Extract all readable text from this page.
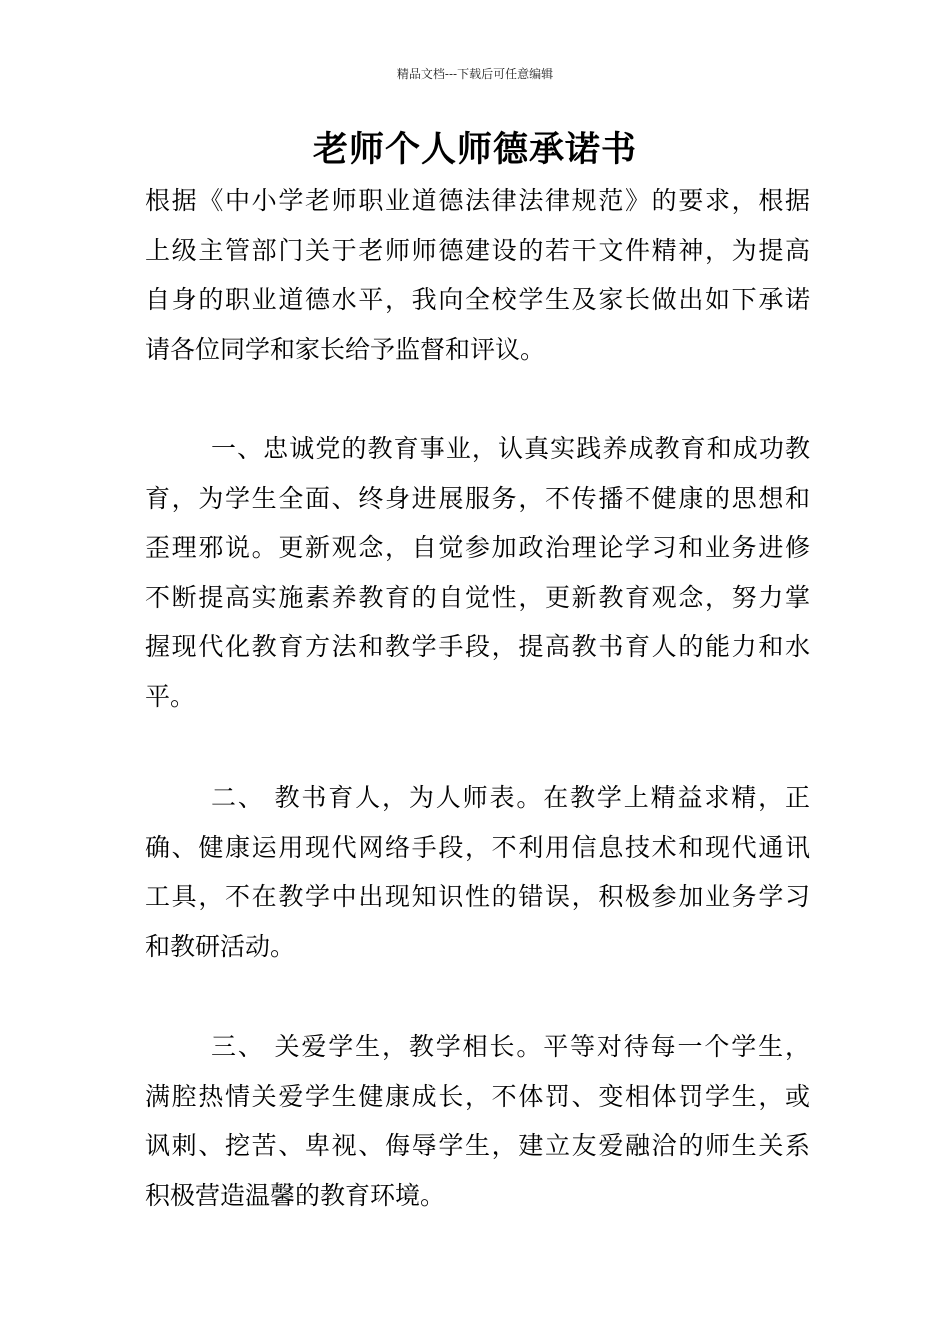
精品文档---下载后可任意编辑
老师个人师德承诺书
根据《中小学老师职业道德法律法律规范》的要求，根据
上级主管部门关于老师师德建设的若干文件精神，为提高
自身的职业道德水平，我向全校学生及家长做出如下承诺
请各位同学和家长给予监督和评议。
一、忠诚党的教育事业，认真实践养成教育和成功教
育，为学生全面、终身进展服务，不传播不健康的思想和
歪理邪说。更新观念，自觉参加政治理论学习和业务进修
不断提高实施素养教育的自觉性，更新教育观念，努力掌
握现代化教育方法和教学手段，提高教书育人的能力和水
平。
二、 教书育人，为人师表。在教学上精益求精，正
确、健康运用现代网络手段，不利用信息技术和现代通讯
工具，不在教学中出现知识性的错误，积极参加业务学习
和教研活动。
三、 关爱学生，教学相长。平等对待每一个学生，
满腔热情关爱学生健康成长，不体罚、变相体罚学生，或
讽刺、挖苦、卑视、侮辱学生，建立友爱融洽的师生关系
积极营造温馨的教育环境。
